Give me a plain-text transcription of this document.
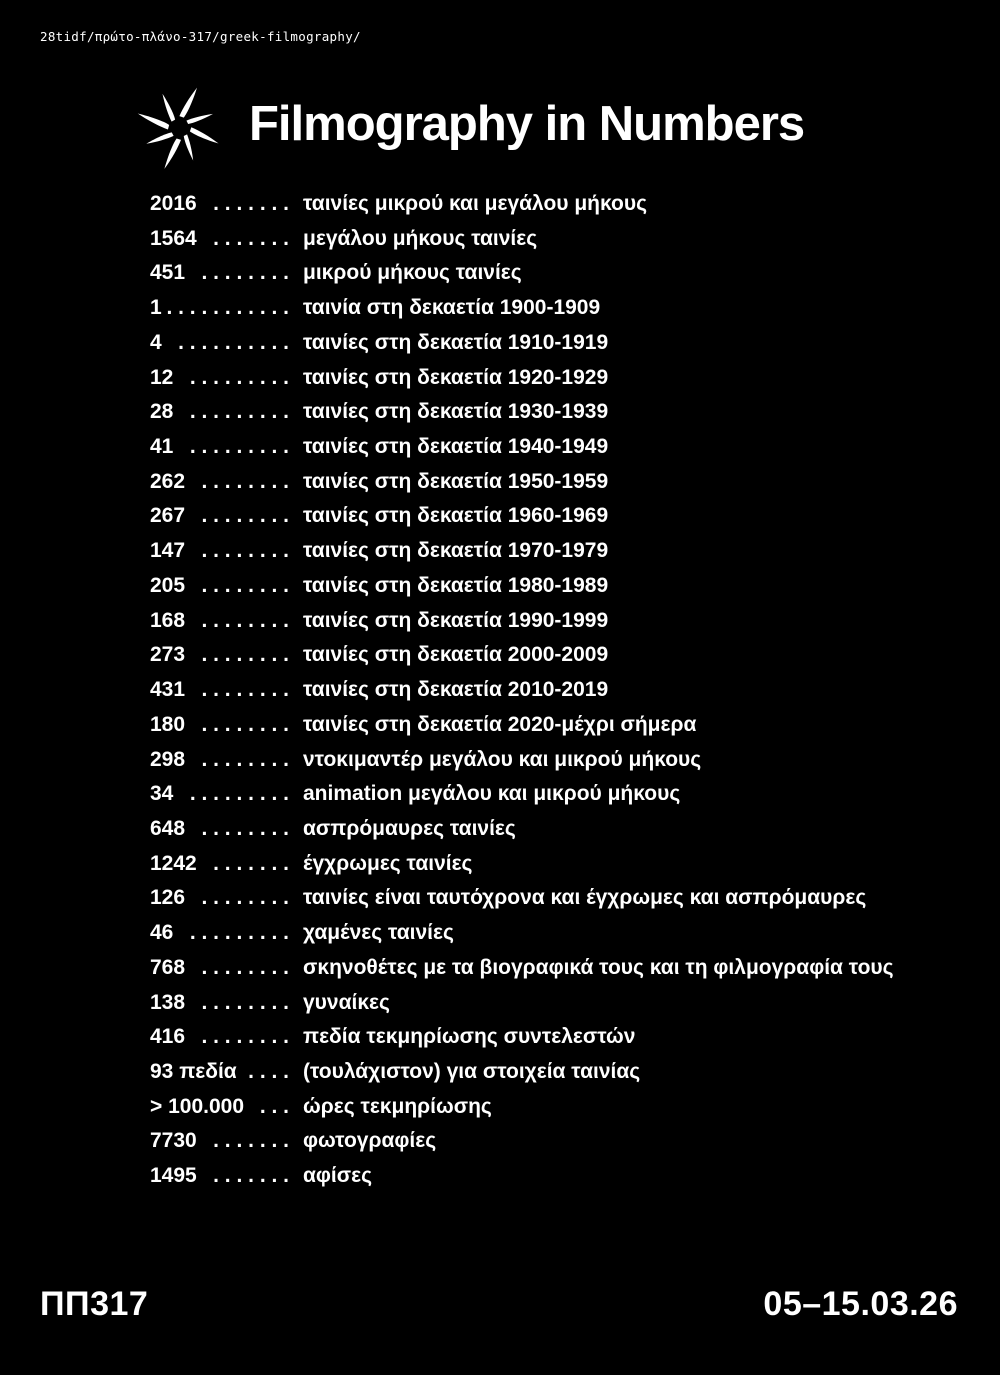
28tidf/πρώτο-πλάνο-317/greek-filmography/
Filmography in Numbers
2016 . . . . . . . ταινίες μικρού και μεγάλου μήκους
1564 . . . . . . . μεγάλου μήκους ταινίες
451 . . . . . . . . μικρού μήκους ταινίες
1 . . . . . . . . . . . ταινία στη δεκαετία 1900-1909
4 . . . . . . . . . . ταινίες στη δεκαετία 1910-1919
12 . . . . . . . . . ταινίες στη δεκαετία 1920-1929
28 . . . . . . . . . ταινίες στη δεκαετία 1930-1939
41 . . . . . . . . . ταινίες στη δεκαετία 1940-1949
262 . . . . . . . . ταινίες στη δεκαετία 1950-1959
267 . . . . . . . . ταινίες στη δεκαετία 1960-1969
147 . . . . . . . . ταινίες στη δεκαετία 1970-1979
205 . . . . . . . . ταινίες στη δεκαετία 1980-1989
168 . . . . . . . . ταινίες στη δεκαετία 1990-1999
273 . . . . . . . . ταινίες στη δεκαετία 2000-2009
431 . . . . . . . . ταινίες στη δεκαετία 2010-2019
180 . . . . . . . . ταινίες στη δεκαετία 2020-μέχρι σήμερα
298 . . . . . . . . ντοκιμαντέρ μεγάλου και μικρού μήκους
34 . . . . . . . . . animation μεγάλου και μικρού μήκους
648 . . . . . . . . ασπρόμαυρες ταινίες
1242 . . . . . . . έγχρωμες ταινίες
126 . . . . . . . . ταινίες είναι ταυτόχρονα και έγχρωμες και ασπρόμαυρες
46 . . . . . . . . . χαμένες ταινίες
768 . . . . . . . . σκηνοθέτες με τα βιογραφικά τους και τη φιλμογραφία τους
138 . . . . . . . . γυναίκες
416 . . . . . . . . πεδία τεκμηρίωσης συντελεστών
93 πεδία . . . . (τουλάχιστον) για στοιχεία ταινίας
> 100.000 . . . ώρες τεκμηρίωσης
7730 . . . . . . . φωτογραφίες
1495 . . . . . . . αφίσες
ΠΠ317	05–15.03.26
